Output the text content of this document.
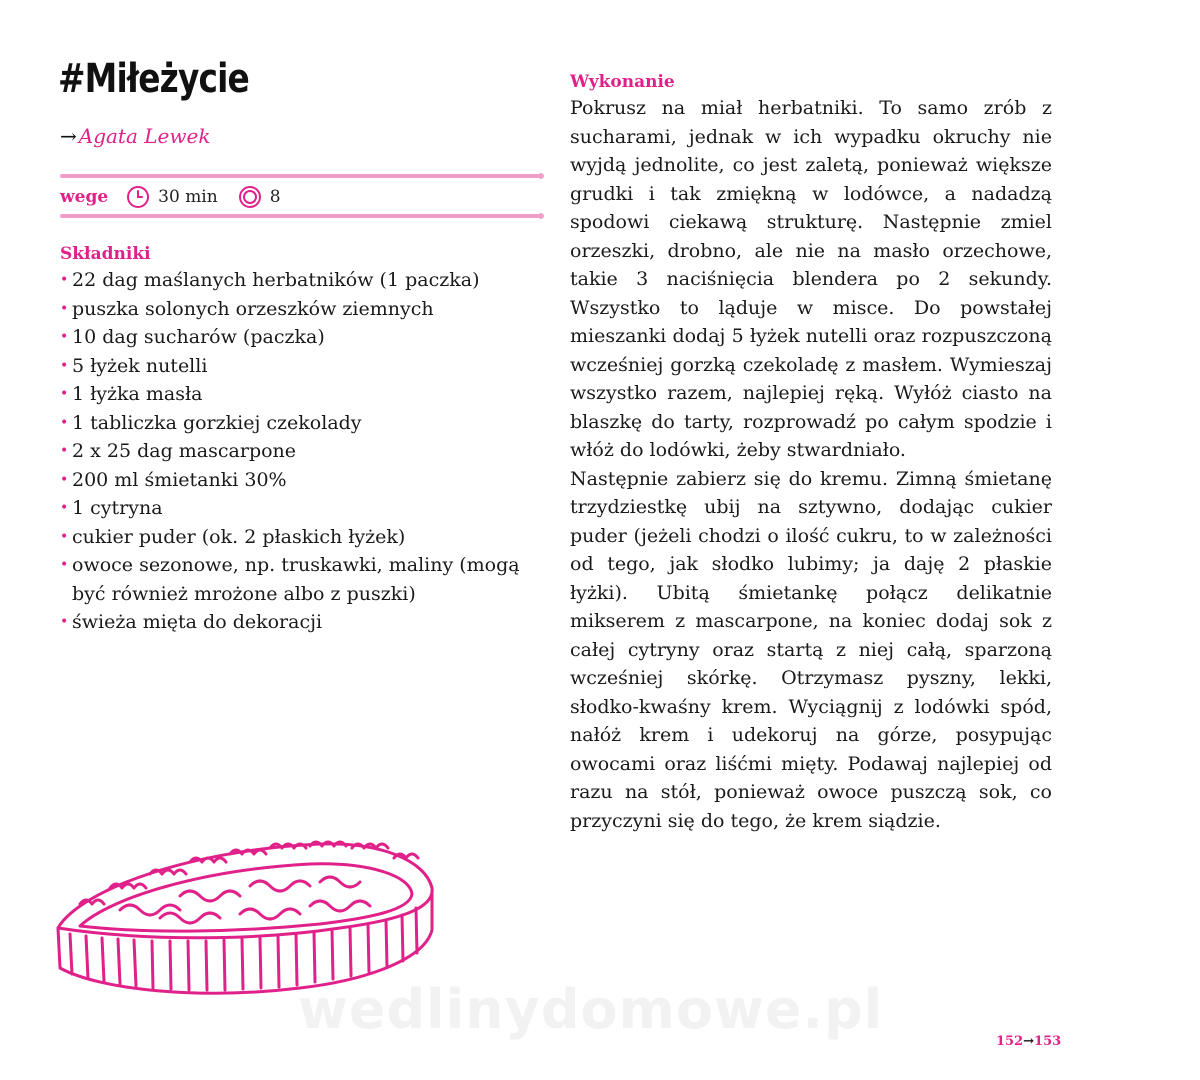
#Miłeżycie
→ Agata Lewek
wege	30 min	8
Składniki
• 22 dag maślanych herbatników (1 paczka)
• puszka solonych orzeszków ziemnych
• 10 dag sucharów (paczka)
• 5 łyżek nutelli
• 1 łyżka masła
• 1 tabliczka gorzkiej czekolady
• 2 x 25 dag mascarpone
• 200 ml śmietanki 30%
• 1 cytryna
• cukier puder (ok. 2 płaskich łyżek)
• owoce sezonowe, np. truskawki, maliny (mogą być również mrożone albo z puszki)
• świeża mięta do dekoracji
Wykonanie

Pokrusz na miał herbatniki. To samo zrób z sucharami, jednak w ich wypadku okruchy nie wyjdą jednolite, co jest zaletą, ponieważ większe grudki i tak zmiękną w lodówce, a nadadzą spodowi ciekawą strukturę. Następnie zmiel orzeszki, drobno, ale nie na masło orzechowe, takie 3 naciśnięcia blendera po 2 sekundy. Wszystko to ląduje w misce. Do powstałej mieszanki dodaj 5 łyżek nutelli oraz rozpuszczoną wcześniej gorzką czekoladę z masłem. Wymieszaj wszystko razem, najlepiej ręką. Wyłóż ciasto na blaszkę do tarty, rozprowadź po całym spodzie i włóż do lodówki, żeby stwardniało.

Następnie zabierz się do kremu. Zimną śmietanę trzydziestkę ubij na sztywno, dodając cukier puder (jeżeli chodzi o ilość cukru, to w zależności od tego, jak słodko lubimy; ja daję 2 płaskie łyżki). Ubitą śmietankę połącz delikatnie mikserem z mascarpone, na koniec dodaj sok z całej cytryny oraz startą z niej całą, sparzoną wcześniej skórkę. Otrzymasz pyszny, lekki, słodko-kwaśny krem. Wyciągnij z lodówki spód, nałóż krem i udekoruj na górze, posypując owocami oraz liśćmi mięty. Podawaj najlepiej od razu na stół, ponieważ owoce puszczą sok, co przyczyni się do tego, że krem siądzie.

wedlinydomowe.pl
152→153
